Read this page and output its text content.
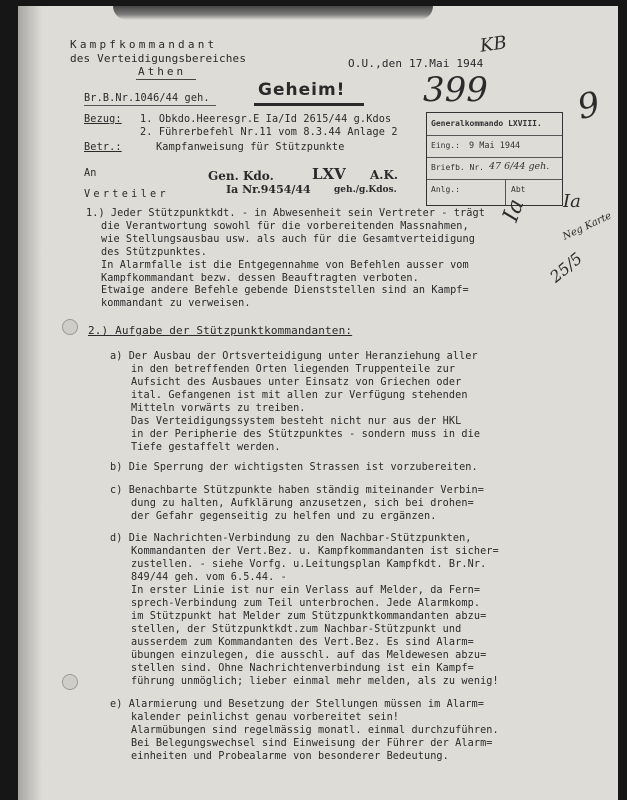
Kampfkommandant
des Verteidigungsbereiches
Athen
O.U.,den 17.Mai 1944
Geheim! 399
KB
9
Br.B.Nr.1046/44 geh.
Bezug: 1. Obkdo.Heeresgr.E Ia/Id 2615/44 g.Kdos
2. Führerbefehl Nr.11 vom 8.3.44 Anlage 2
Betr.:	Kampfanweisung für Stützpunkte
An
Verteiler
Gen. Kdo.	LXV A.K.
Ia Nr.9454/44	geh./g.Kdos.
Generalkommando LXVIII.
Eing.: 9 Mai 1944
Briefb. Nr. 47 6/44 geh.
Anlg.:	Abt
Ia Ia
Neg Karte
25/5
1.) Jeder Stützpunktkdt. - in Abwesenheit sein Vertreter - trägt
die Verantwortung sowohl für die vorbereitenden Massnahmen,
wie Stellungsausbau usw. als auch für die Gesamtverteidigung
des Stützpunktes.
In Alarmfalle ist die Entgegennahme von Befehlen ausser vom
Kampfkommandant bezw. dessen Beauftragten verboten.
Etwaige andere Befehle gebende Dienststellen sind an Kampf=
kommandant zu verweisen.
2.) Aufgabe der Stützpunktkommandanten:
a) Der Ausbau der Ortsverteidigung unter Heranziehung aller
in den betreffenden Orten liegenden Truppenteile zur
Aufsicht des Ausbaues unter Einsatz von Griechen oder
ital. Gefangenen ist mit allen zur Verfügung stehenden
Mitteln vorwärts zu treiben.
Das Verteidigungssystem besteht nicht nur aus der HKL
in der Peripherie des Stützpunktes - sondern muss in die
Tiefe gestaffelt werden.
b) Die Sperrung der wichtigsten Strassen ist vorzubereiten.
c) Benachbarte Stützpunkte haben ständig miteinander Verbin=
dung zu halten, Aufklärung anzusetzen, sich bei drohen=
der Gefahr gegenseitig zu helfen und zu ergänzen.
d) Die Nachrichten-Verbindung zu den Nachbar-Stützpunkten,
Kommandanten der Vert.Bez. u. Kampfkommandanten ist sicher=
zustellen. - siehe Vorfg. u.Leitungsplan Kampfkdt. Br.Nr.
849/44 geh. vom 6.5.44. -
In erster Linie ist nur ein Verlass auf Melder, da Fern=
sprech-Verbindung zum Teil unterbrochen. Jede Alarmkomp.
im Stützpunkt hat Melder zum Stützpunktkommandanten abzu=
stellen, der Stützpunktkdt.zum Nachbar-Stützpunkt und
ausserdem zum Kommandanten des Vert.Bez. Es sind Alarm=
übungen einzulegen, die ausschl. auf das Meldewesen abzu=
stellen sind. Ohne Nachrichtenverbindung ist ein Kampf=
führung unmöglich; lieber einmal mehr melden, als zu wenig!
e) Alarmierung und Besetzung der Stellungen müssen im Alarm=
kalender peinlichst genau vorbereitet sein!
Alarmübungen sind regelmässig monatl. einmal durchzuführen.
Bei Belegungswechsel sind Einweisung der Führer der Alarm=
einheiten und Probealarme von besonderer Bedeutung.
